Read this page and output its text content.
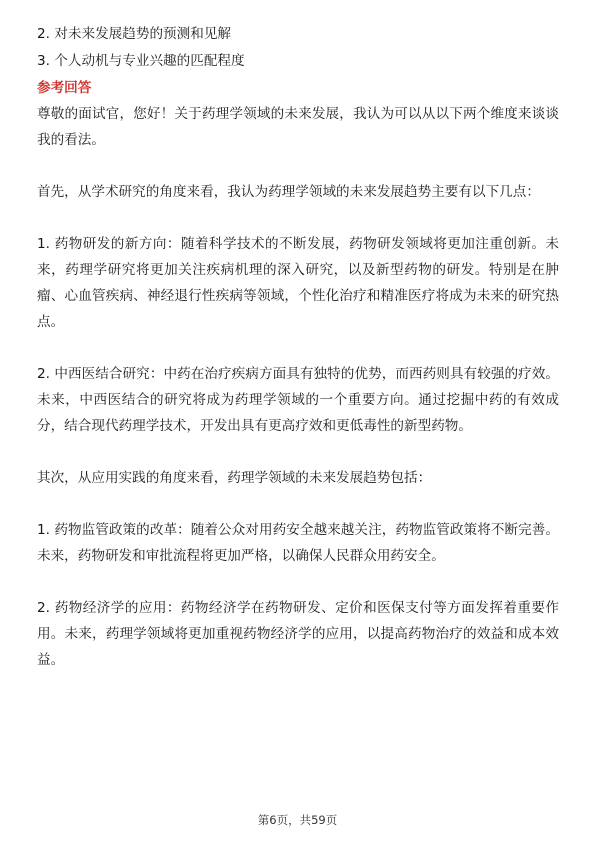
2. 对未来发展趋势的预测和见解

3. 个人动机与专业兴趣的匹配程度

参考回答

尊敬的面试官，您好！关于药理学领域的未来发展，我认为可以从以下两个维度来谈谈我的看法。

首先，从学术研究的角度来看，我认为药理学领域的未来发展趋势主要有以下几点：

1. 药物研发的新方向：随着科学技术的不断发展，药物研发领域将更加注重创新。未来，药理学研究将更加关注疾病机理的深入研究，以及新型药物的研发。特别是在肿瘤、心血管疾病、神经退行性疾病等领域，个性化治疗和精准医疗将成为未来的研究热点。

2. 中西医结合研究：中药在治疗疾病方面具有独特的优势，而西药则具有较强的疗效。未来，中西医结合的研究将成为药理学领域的一个重要方向。通过挖掘中药的有效成分，结合现代药理学技术，开发出具有更高疗效和更低毒性的新型药物。

其次，从应用实践的角度来看，药理学领域的未来发展趋势包括：

1. 药物监管政策的改革：随着公众对用药安全越来越关注，药物监管政策将不断完善。未来，药物研发和审批流程将更加严格，以确保人民群众用药安全。

2. 药物经济学的应用：药物经济学在药物研发、定价和医保支付等方面发挥着重要作用。未来，药理学领域将更加重视药物经济学的应用，以提高药物治疗的效益和成本效益。

第6页，共59页
